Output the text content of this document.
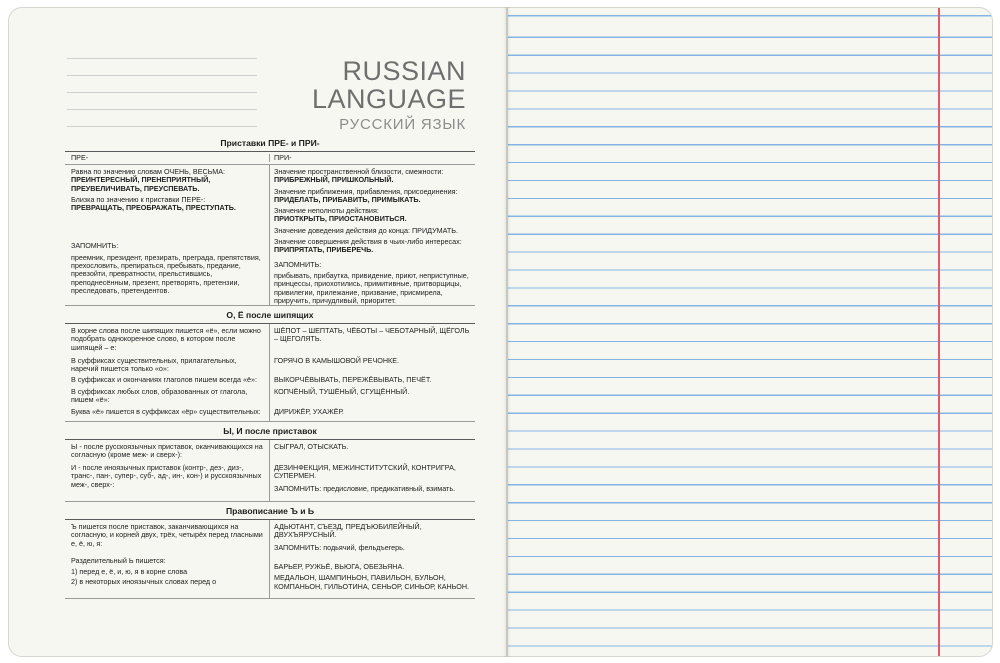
RUSSIAN
LANGUAGE
РУССКИЙ ЯЗЫК
Приставки ПРЕ- и ПРИ-
ПРЕ-	ПРИ-
Равна по значению словам ОЧЕНЬ, ВЕСЬМА:
ПРЕИНТЕРЕСНЫЙ, ПРЕНЕПРИЯТНЫЙ, ПРЕУВЕЛИЧИВАТЬ, ПРЕУСПЕВАТЬ.
Близка по значению к приставки ПЕРЕ-:
ПРЕВРАЩАТЬ, ПРЕОБРАЖАТЬ, ПРЕСТУПАТЬ.
ЗАПОМНИТЬ:
преемник, президент, презирать, преграда, препятствия, прехословить, препираться, пребывать, предание, превзойти, превратности, прельстившись, преподнесённым, презент, претворять, претензии, преследовать, претендентов.
Значение пространственной близости, смежности:
ПРИБРЕЖНЫЙ, ПРИШКОЛЬНЫЙ.
Значение приближения, прибавления, присоединения:
ПРИДЕЛАТЬ, ПРИБАВИТЬ, ПРИМЫКАТЬ.
Значение неполноты действия:
ПРИОТКРЫТЬ, ПРИОСТАНОВИТЬСЯ.
Значение доведения действия до конца: ПРИДУМАТЬ.
Значение совершения действия в чьих-либо интересах:
ПРИПРЯТАТЬ, ПРИБЕРЕЧЬ.
ЗАПОМНИТЬ:
прибывать, прибаутка, привидение, приют, неприступные, принцессы, приохотились, примитивные, притворщицы, привилегии, прилежание, призвание, присмирела, приручить, причудливый, приоритет.
О, Ё после шипящих
В корне слова после шипящих пишется «ё», если можно подобрать однокоренное слово, в котором после шипящей – е:
В суффиксах существительных, прилагательных, наречий пишется только «о»:
В суффиксах и окончаниях глаголов пишем всегда «ё»:
В суффиксах любых слов, образованных от глагола, пишем «ё»:
Буква «ё» пишется в суффиксах «ёр» существительных:
ШЁПОТ – ШЕПТАТЬ, ЧЁБОТЫ – ЧЕБОТАРНЫЙ, ЩЁГОЛЬ – ЩЕГОЛЯТЬ.
ГОРЯЧО В КАМЫШОВОЙ РЕЧОНКЕ.
ВЫКОРЧЁВЫВАТЬ, ПЕРЕЖЁВЫВАТЬ, ПЕЧЁТ.
КОПЧЁНЫЙ, ТУШЁНЫЙ, СГУЩЁННЫЙ.
ДИРИЖЁР, УХАЖЁР.
Ы, И после приставок
Ы - после русскоязычных приставок, оканчивающихся на согласную (кроме меж- и сверх-):
И - после иноязычных приставок (контр-, дез-, диз-, транс-, пан-, супер-, суб-, ад-, ин-, кон-) и русскоязычных меж-, сверх-:
СЫГРАЛ, ОТЫСКАТЬ.
ДЕЗИНФЕКЦИЯ, МЕЖИНСТИТУТСКИЙ, КОНТРИГРА, СУПЕРМЕН.
ЗАПОМНИТЬ: предисловие, предикативный, взимать.
Правописание Ъ и Ь
Ъ пишется после приставок, заканчивающихся на согласную, и корней двух, трёх, четырёх перед гласными е, ё, ю, я:
Разделительный Ь пишется:
1) перед е, ё, и, ю, я в корне слова
2) в некоторых иноязычных словах перед о
АДЬЮТАНТ, СЪЕЗД, ПРЕДЪЮБИЛЕЙНЫЙ, ДВУХЪЯРУСНЫЙ.
ЗАПОМНИТЬ: подьячий, фельдъегерь.
БАРЬЕР, РУЖЬЁ, ВЬЮГА, ОБЕЗЬЯНА.
МЕДАЛЬОН, ШАМПИНЬОН, ПАВИЛЬОН, БУЛЬОН, КОМПАНЬОН, ГИЛЬОТИНА, СЕНЬОР, СИНЬОР, КАНЬОН.
